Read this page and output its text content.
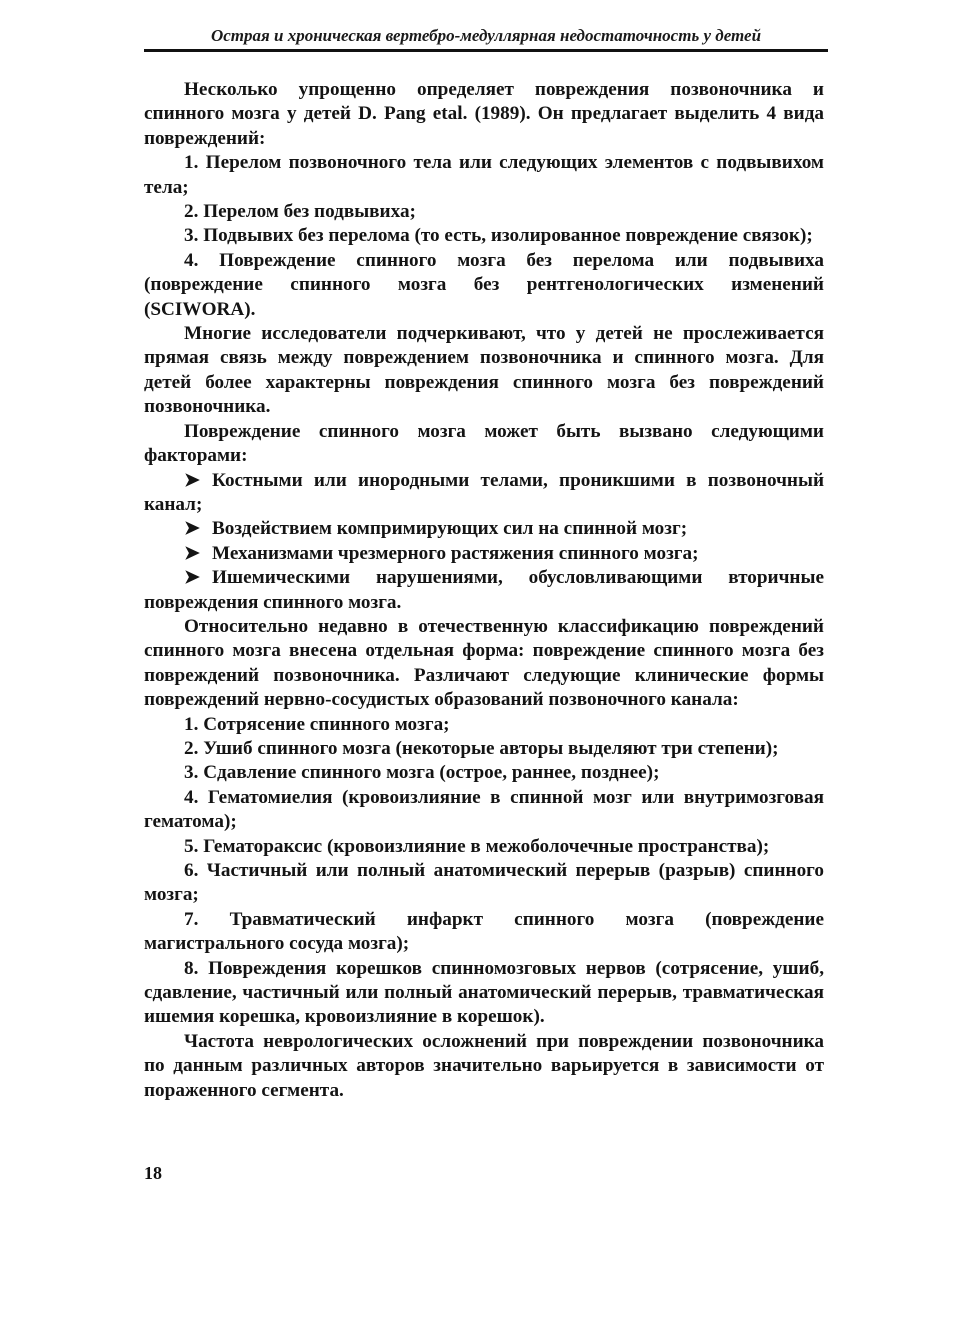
Острая и хроническая вертебро-медуллярная недостаточность у детей

Несколько упрощенно определяет повреждения позвоночника и спинного мозга у детей D. Pang etal. (1989). Он предлагает выделить 4 вида повреждений:

1. Перелом позвоночного тела или следующих элементов с подвывихом тела;

2. Перелом без подвывиха;

3. Подвывих без перелома (то есть, изолированное повреждение связок);

4. Повреждение спинного мозга без перелома или подвывиха (повреждение спинного мозга без рентгенологических изменений (SCIWORA).

Многие исследователи подчеркивают, что у детей не прослеживается прямая связь между повреждением позвоночника и спинного мозга. Для детей более характерны повреждения спинного мозга без повреждений позвоночника.

Повреждение спинного мозга может быть вызвано следующими факторами:

➤ Костными или инородными телами, проникшими в позвоночный канал;

➤ Воздействием компримирующих сил на спинной мозг;

➤ Механизмами чрезмерного растяжения спинного мозга;

➤ Ишемическими нарушениями, обусловливающими вторичные повреждения спинного мозга.

Относительно недавно в отечественную классификацию повреждений спинного мозга внесена отдельная форма: повреждение спинного мозга без повреждений позвоночника. Различают следующие клинические формы повреждений нервно-сосудистых образований позвоночного канала:

1. Сотрясение спинного мозга;

2. Ушиб спинного мозга (некоторые авторы выделяют три степени);

3. Сдавление спинного мозга (острое, раннее, позднее);

4. Гематомиелия (кровоизлияние в спинной мозг или внутримозговая гематома);

5. Гематораксис (кровоизлияние в межоболочечные пространства);

6. Частичный или полный анатомический перерыв (разрыв) спинного мозга;

7. Травматический инфаркт спинного мозга (повреждение магистрального сосуда мозга);

8. Повреждения корешков спинномозговых нервов (сотрясение, ушиб, сдавление, частичный или полный анатомический перерыв, травматическая ишемия корешка, кровоизлияние в корешок).

Частота неврологических осложнений при повреждении позвоночника по данным различных авторов значительно варьируется в зависимости от пораженного сегмента.

18
